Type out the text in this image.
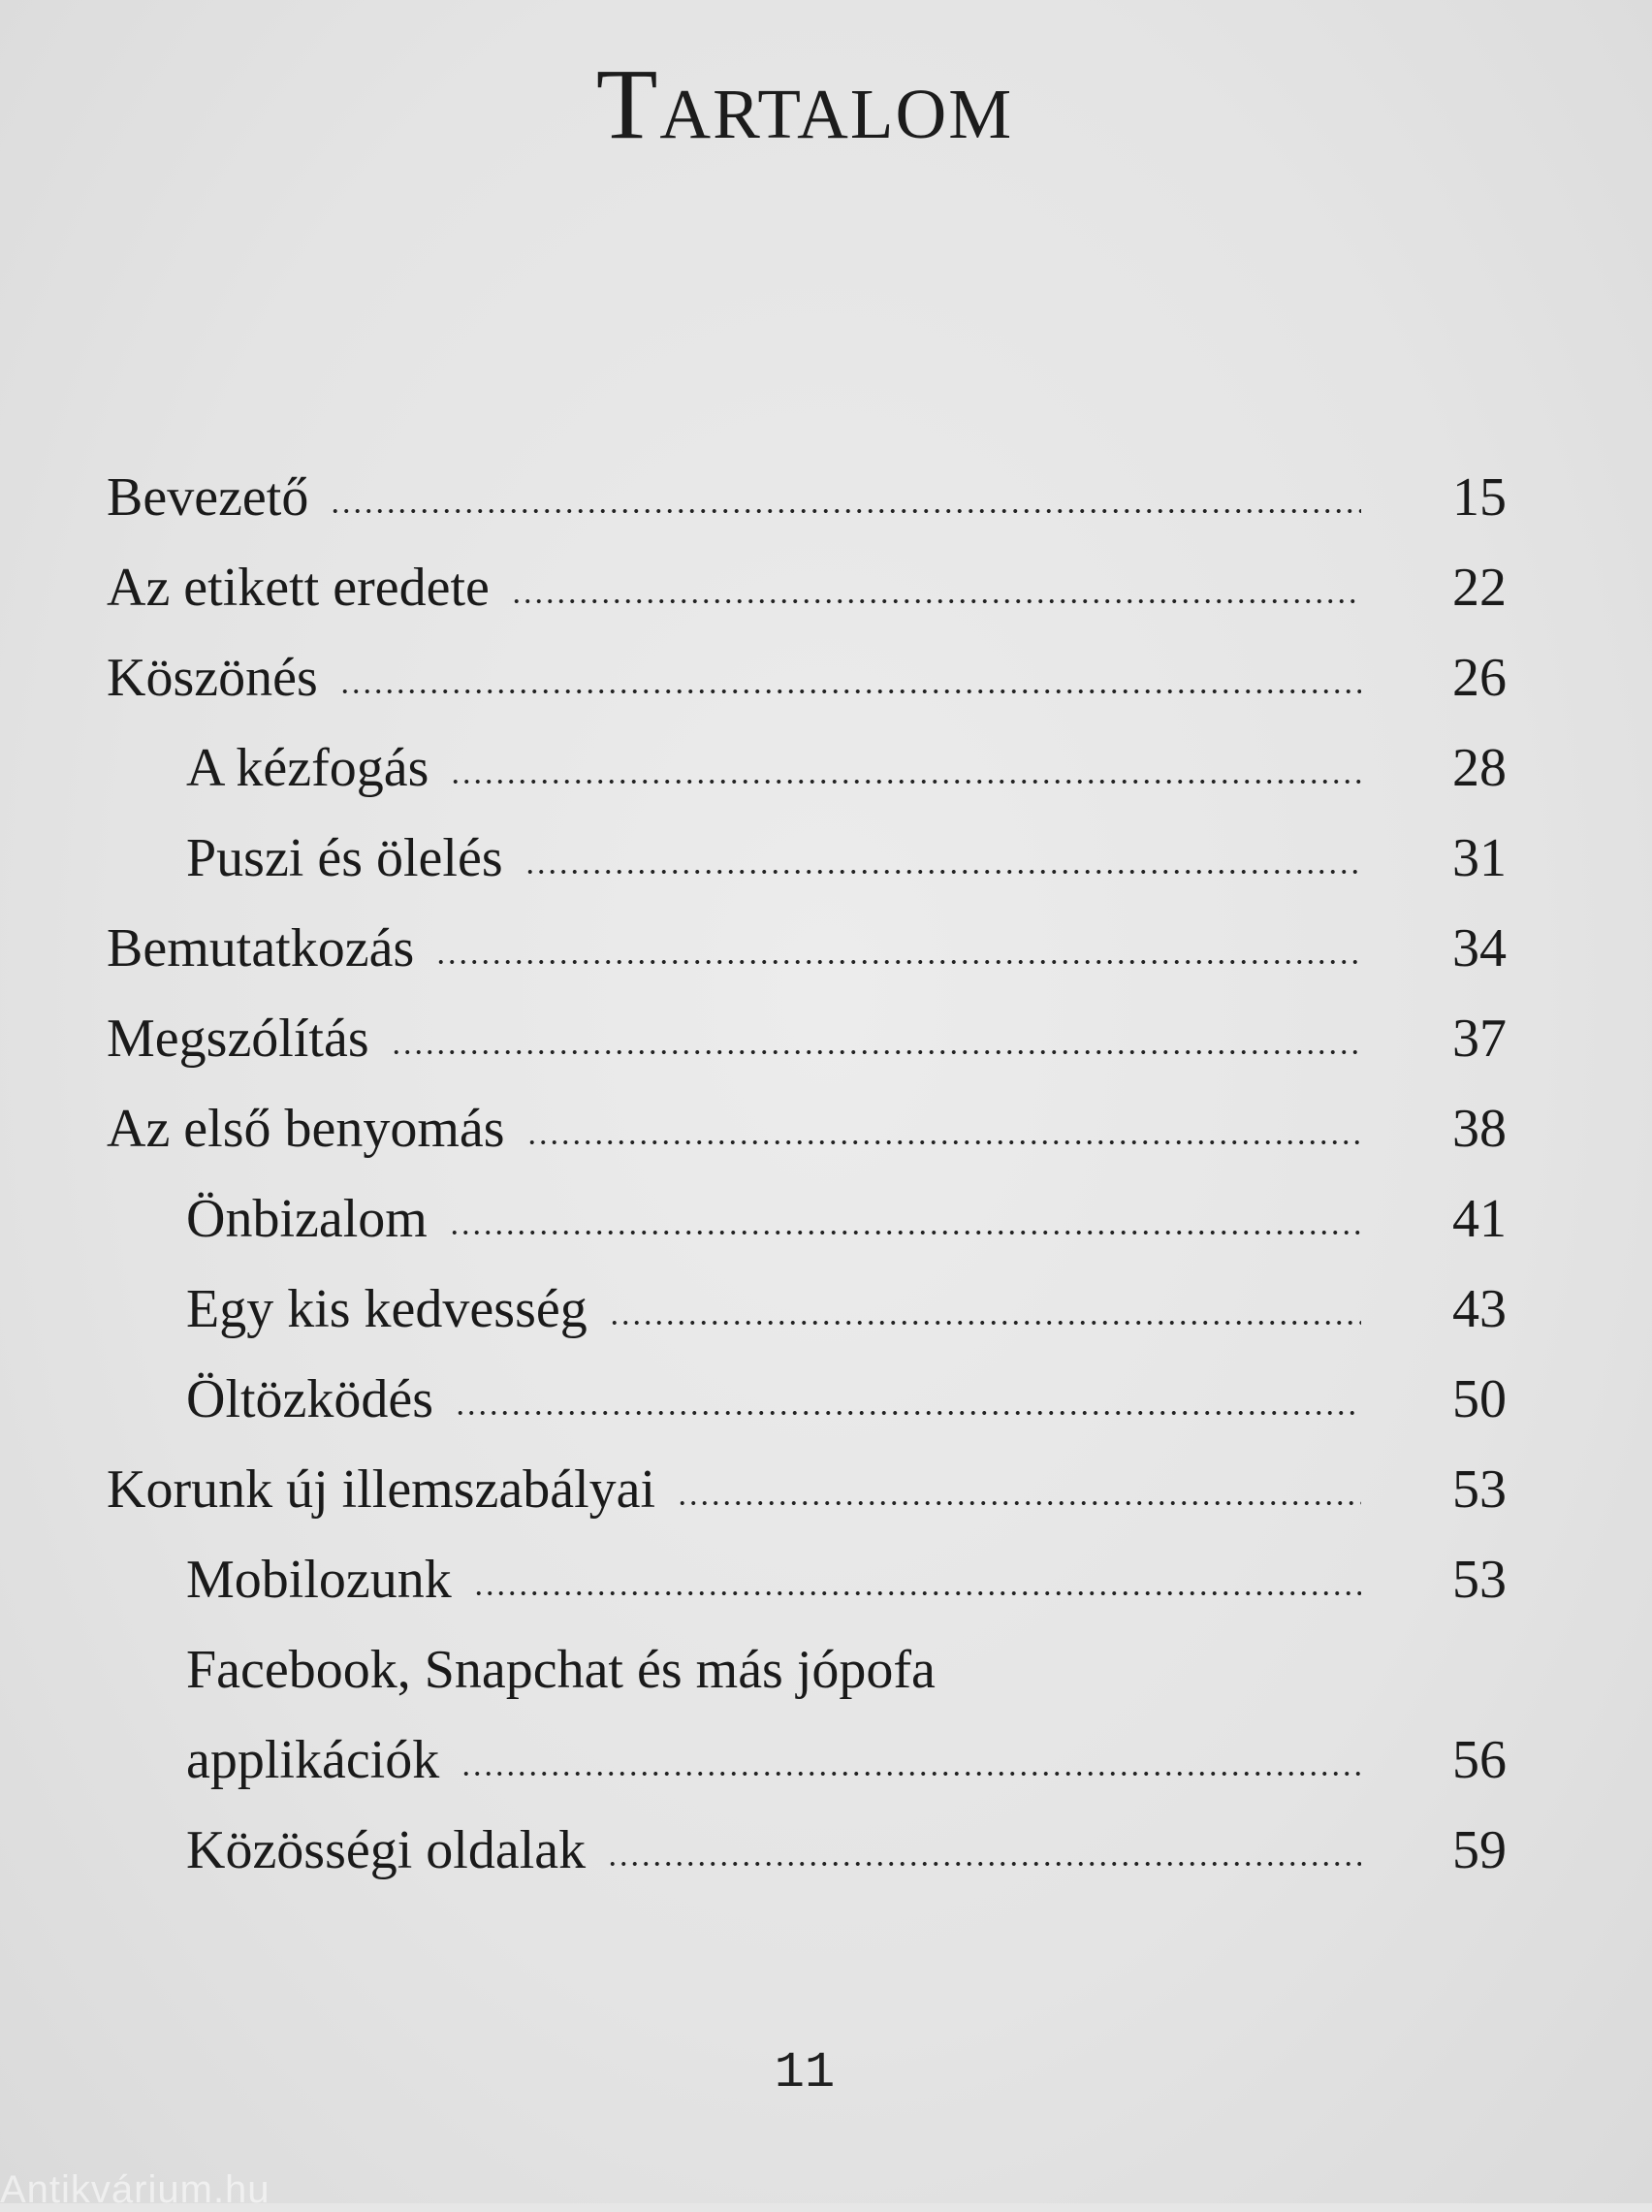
Tartalom
Bevezető	15
Az etikett eredete	22
Köszönés	26
A kézfogás	28
Puszi és ölelés	31
Bemutatkozás	34
Megszólítás	37
Az első benyomás	38
Önbizalom	41
Egy kis kedvesség	43
Öltözködés	50
Korunk új illemszabályai	53
Mobilozunk	53
Facebook, Snapchat és más jópofa
applikációk	56
Közösségi oldalak	59
11
Antikvárium.hu
